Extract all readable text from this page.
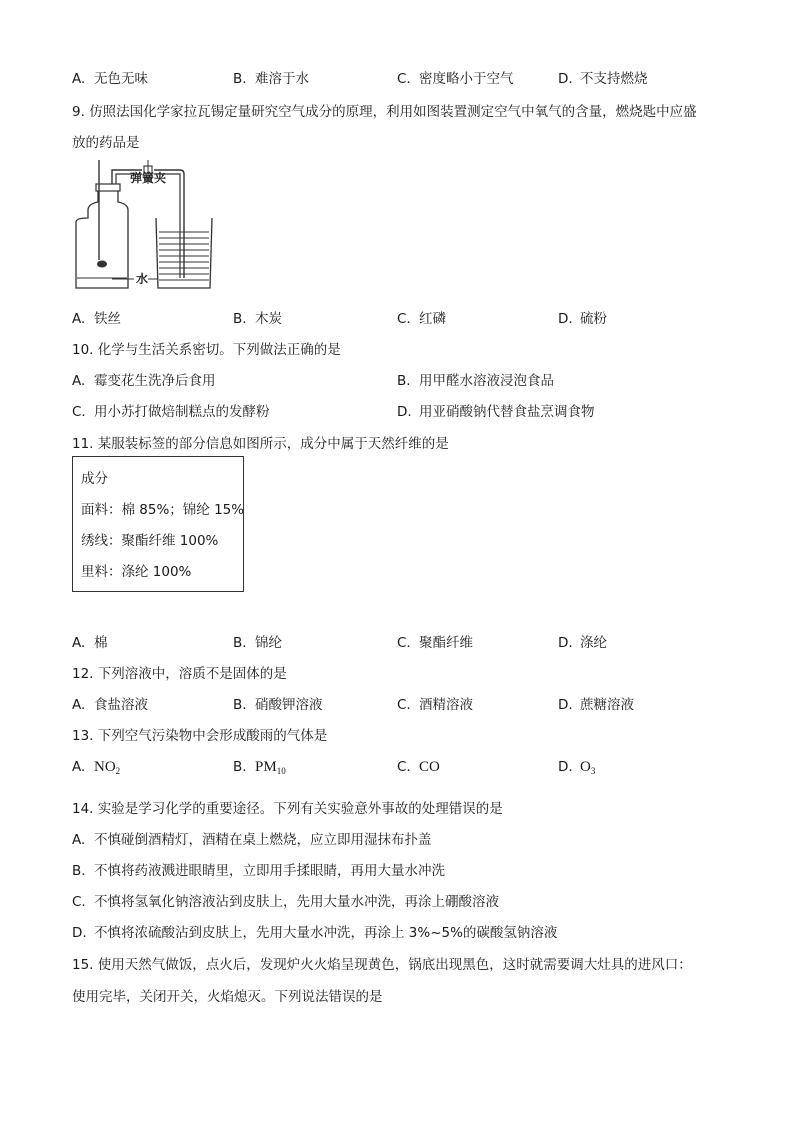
A. 无色无味	B. 难溶于水	C. 密度略小于空气	D. 不支持燃烧
9. 仿照法国化学家拉瓦锡定量研究空气成分的原理，利用如图装置测定空气中氧气的含量，燃烧匙中应盛
放的药品是
弹簧夹
水
A. 铁丝	B. 木炭	C. 红磷	D. 硫粉
10. 化学与生活关系密切。下列做法正确的是
A. 霉变花生洗净后食用	B. 用甲醛水溶液浸泡食品
C. 用小苏打做焙制糕点的发酵粉	D. 用亚硝酸钠代替食盐烹调食物
11. 某服装标签的部分信息如图所示，成分中属于天然纤维的是
成分
面料：棉 85%；锦纶 15%
绣线：聚酯纤维 100%
里料：涤纶 100%
A. 棉	B. 锦纶	C. 聚酯纤维	D. 涤纶
12. 下列溶液中，溶质不是固体的是
A. 食盐溶液	B. 硝酸钾溶液	C. 酒精溶液	D. 蔗糖溶液
13. 下列空气污染物中会形成酸雨的气体是
A. $NO_2$	B. $PM_{10}$	C. CO	D. $O_3$
14. 实验是学习化学的重要途径。下列有关实验意外事故的处理错误的是
A. 不慎碰倒酒精灯，酒精在桌上燃烧，应立即用湿抹布扑盖
B. 不慎将药液溅进眼睛里，立即用手揉眼睛，再用大量水冲洗
C. 不慎将氢氧化钠溶液沾到皮肤上，先用大量水冲洗，再涂上硼酸溶液
D. 不慎将浓硫酸沾到皮肤上，先用大量水冲洗，再涂上 3%~5%的碳酸氢钠溶液
15. 使用天然气做饭，点火后，发现炉火火焰呈现黄色，锅底出现黑色，这时就需要调大灶具的进风口：
使用完毕，关闭开关，火焰熄灭。下列说法错误的是
